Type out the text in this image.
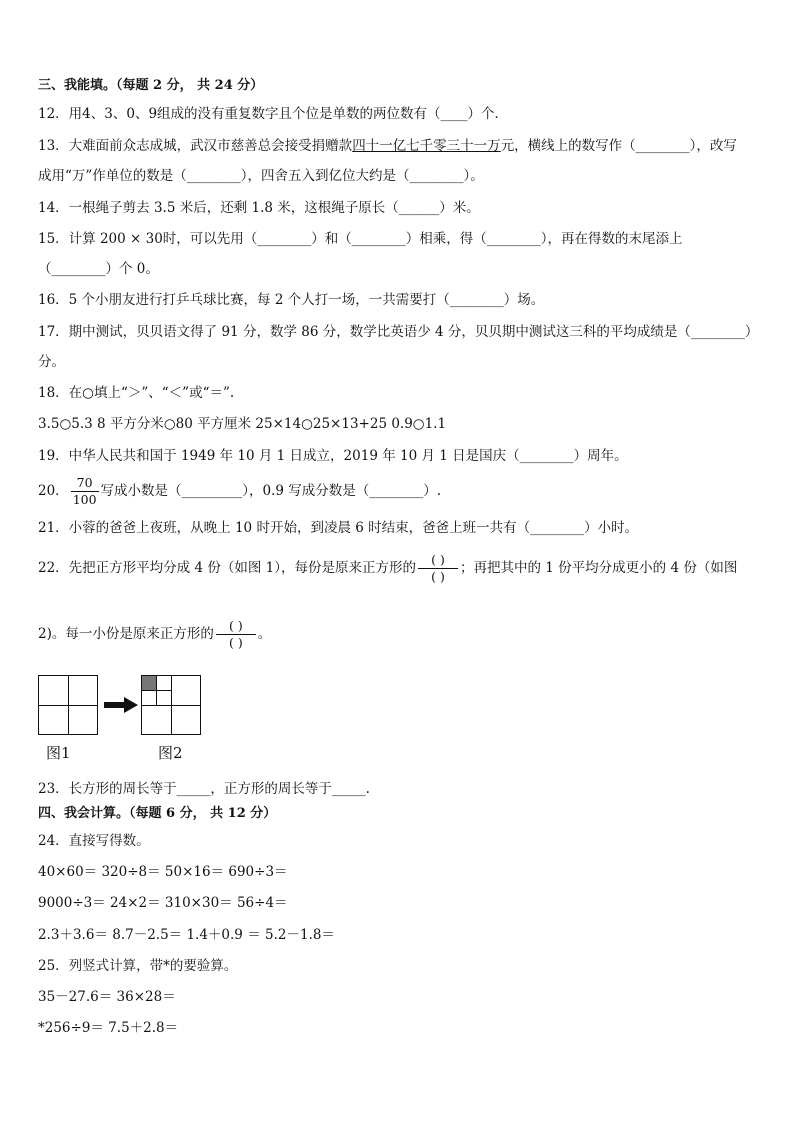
三、我能填。（每题 2 分， 共 24 分）
12．用4、3、0、9组成的没有重复数字且个位是单数的两位数有（____）个．
13．大难面前众志成城，武汉市慈善总会接受捐赠款四十一亿七千零三十一万元，横线上的数写作（________），改写
成用“万”作单位的数是（________），四舍五入到亿位大约是（________）。
14．一根绳子剪去 3.5 米后，还剩 1.8 米，这根绳子原长（______）米。
15．计算 200 × 30时，可以先用（________）和（________）相乘，得（________），再在得数的末尾添上
（________）个 0。
16．5 个小朋友进行打乒乓球比赛，每 2 个人打一场，一共需要打（________）场。
17．期中测试，贝贝语文得了 91 分，数学 86 分，数学比英语少 4 分，贝贝期中测试这三科的平均成绩是（________）
分。
18．在○填上“＞”、“＜”或“＝”.
3.5○5.3 8 平方分米○80 平方厘米 25×14○25×13+25 0.9○1.1
19．中华人民共和国于 1949 年 10 月 1 日成立，2019 年 10 月 1 日是国庆（________）周年。
20． $\frac{70}{100}$ 写成小数是（_________），0.9 写成分数是（________）.
21．小蓉的爸爸上夜班，从晚上 10 时开始，到凌晨 6 时结束，爸爸上班一共有（________）小时。
22．先把正方形平均分成 4 份（如图 1），每份是原来正方形的 $\frac{( )}{( )}$ ；再把其中的 1 份平均分成更小的 4 份（如图
2)。每一小份是原来正方形的 $\frac{( )}{( )}$ 。
图1	图2
23．长方形的周长等于_____，正方形的周长等于_____.
四、我会计算。（每题 6 分， 共 12 分）
24．直接写得数。
40×60＝ 320÷8＝ 50×16＝ 690÷3＝
9000÷3＝ 24×2＝ 310×30＝ 56÷4＝
2.3＋3.6＝ 8.7－2.5＝ 1.4＋0.9 ＝ 5.2－1.8＝
25．列竖式计算，带*的要验算。
35－27.6＝ 36×28＝
*256÷9＝ 7.5＋2.8＝
